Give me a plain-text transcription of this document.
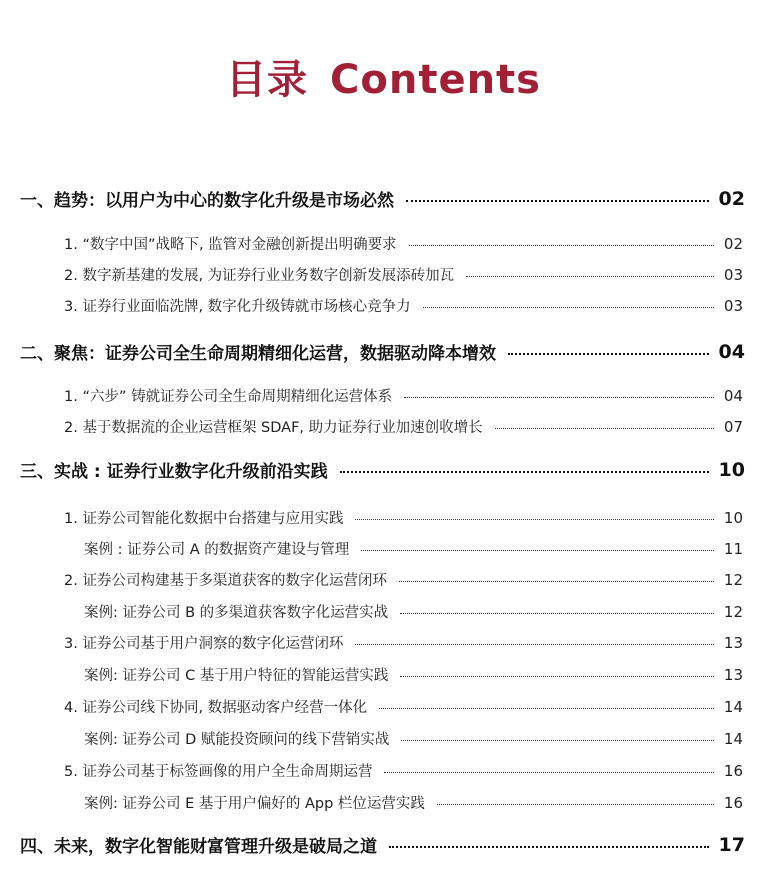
目录 Contents
一、趋势：以用户为中心的数字化升级是市场必然	02
1. “数字中国”战略下, 监管对金融创新提出明确要求	02
2. 数字新基建的发展, 为证券行业业务数字创新发展添砖加瓦	03
3. 证券行业面临洗牌, 数字化升级铸就市场核心竞争力	03
二、聚焦：证券公司全生命周期精细化运营，数据驱动降本增效	04
1. “六步” 铸就证券公司全生命周期精细化运营体系	04
2. 基于数据流的企业运营框架 SDAF, 助力证券行业加速创收增长	07
三、实战 : 证券行业数字化升级前沿实践	10
1. 证券公司智能化数据中台搭建与应用实践	10
案例 : 证券公司 A 的数据资产建设与管理	11
2. 证券公司构建基于多渠道获客的数字化运营闭环	12
案例: 证券公司 B 的多渠道获客数字化运营实战	12
3. 证券公司基于用户洞察的数字化运营闭环	13
案例: 证券公司 C 基于用户特征的智能运营实践	13
4. 证券公司线下协同, 数据驱动客户经营一体化	14
案例: 证券公司 D 赋能投资顾问的线下营销实战	14
5. 证券公司基于标签画像的用户全生命周期运营	16
案例: 证券公司 E 基于用户偏好的 App 栏位运营实践	16
四、未来，数字化智能财富管理升级是破局之道	17
